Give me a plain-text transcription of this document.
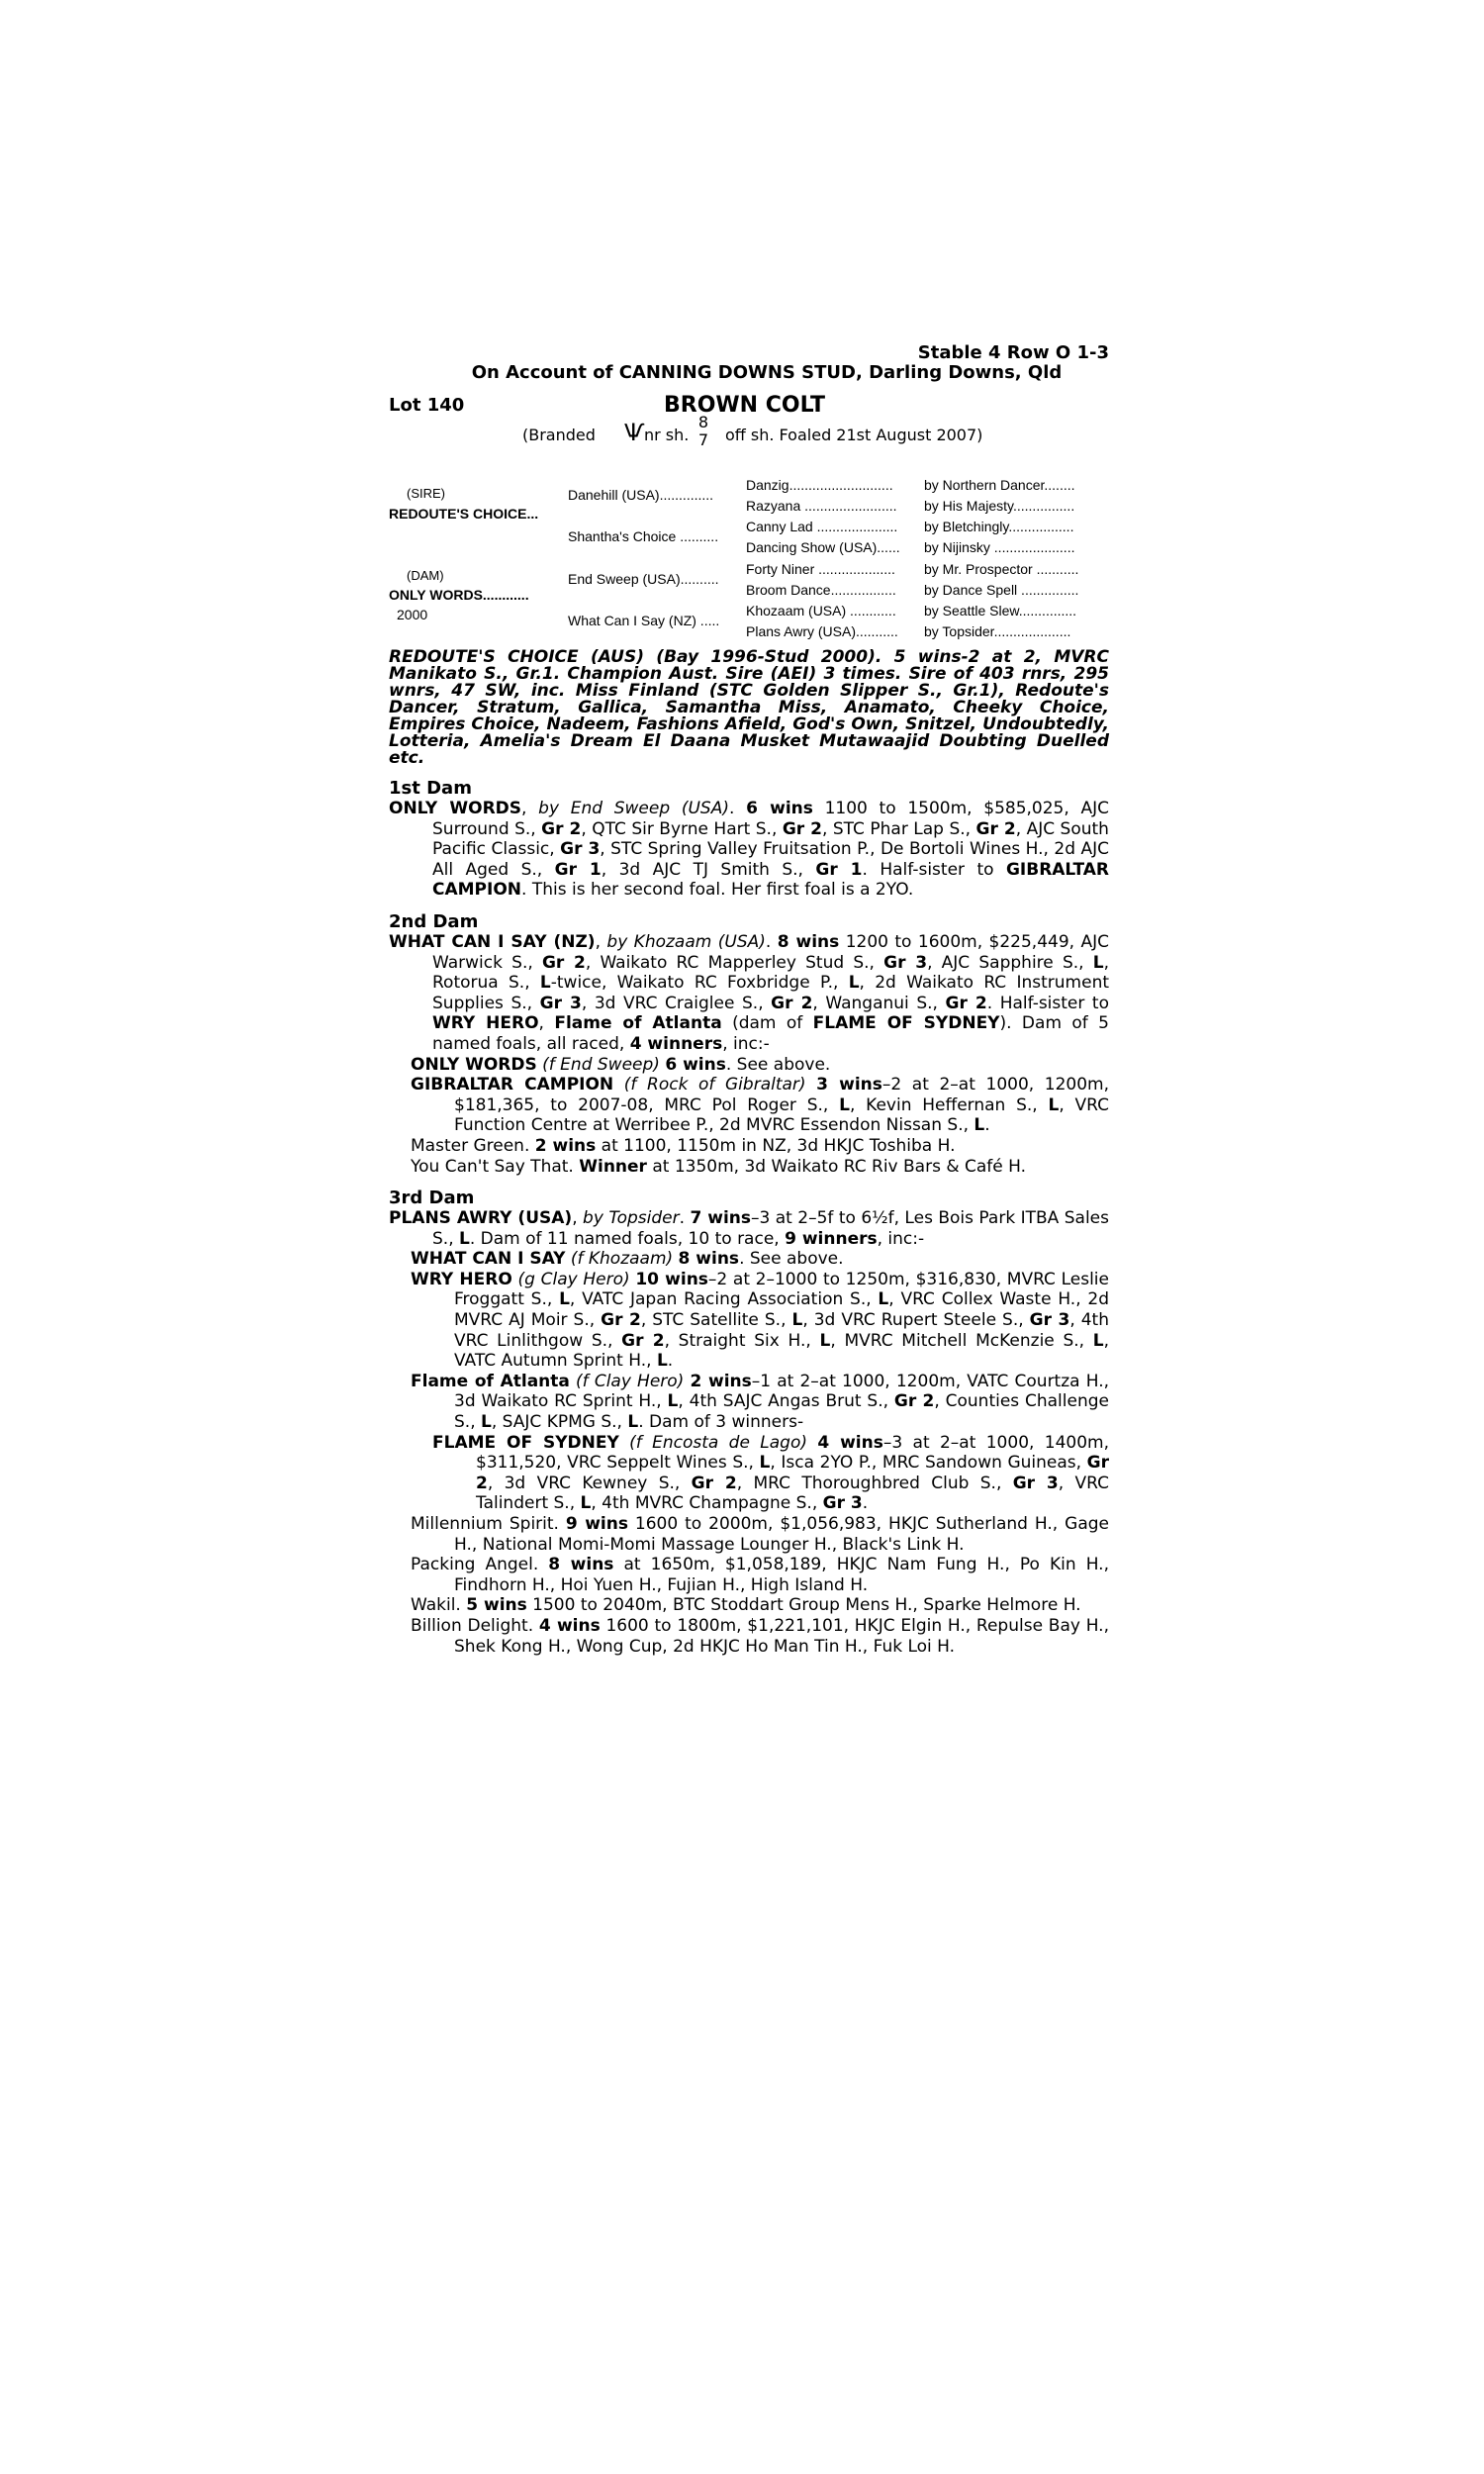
Stable 4 Row O 1-3
On Account of CANNING DOWNS STUD, Darling Downs, Qld
Lot 140	BROWN COLT
(Branded Ѱ nr sh.
8
7 off sh. Foaled 21st August 2007)
(SIRE)
REDOUTE'S CHOICE...
(DAM)
ONLY WORDS............
2000
Danehill (USA)..............
Shantha's Choice ..........
End Sweep (USA)..........
What Can I Say (NZ) .....
Danzig...........................
Razyana ........................
Canny Lad .....................
Dancing Show (USA)......
Forty Niner ....................
Broom Dance.................
Khozaam (USA) ............
Plans Awry (USA)...........
by Northern Dancer........
by His Majesty................
by Bletchingly.................
by Nijinsky .....................
by Mr. Prospector ...........
by Dance Spell ...............
by Seattle Slew...............
by Topsider....................
REDOUTE'S CHOICE (AUS) (Bay 1996-Stud 2000). 5 wins-2 at 2, MVRC Manikato S., Gr.1. Champion Aust. Sire (AEI) 3 times. Sire of 403 rnrs, 295 wnrs, 47 SW, inc. Miss Finland (STC Golden Slipper S., Gr.1), Redoute's Dancer, Stratum, Gallica, Samantha Miss, Anamato, Cheeky Choice, Empires Choice, Nadeem, Fashions Afield, God's Own, Snitzel, Undoubtedly, Lotteria, Amelia's Dream El Daana Musket Mutawaajid Doubting Duelled etc.
1st Dam
ONLY WORDS, by End Sweep (USA). 6 wins 1100 to 1500m, $585,025, AJC Surround S., Gr 2, QTC Sir Byrne Hart S., Gr 2, STC Phar Lap S., Gr 2, AJC South Pacific Classic, Gr 3, STC Spring Valley Fruitsation P., De Bortoli Wines H., 2d AJC All Aged S., Gr 1, 3d AJC TJ Smith S., Gr 1. Half-sister to GIBRALTAR CAMPION. This is her second foal. Her first foal is a 2YO.
2nd Dam
WHAT CAN I SAY (NZ), by Khozaam (USA). 8 wins 1200 to 1600m, $225,449, AJC Warwick S., Gr 2, Waikato RC Mapperley Stud S., Gr 3, AJC Sapphire S., L, Rotorua S., L-twice, Waikato RC Foxbridge P., L, 2d Waikato RC Instrument Supplies S., Gr 3, 3d VRC Craiglee S., Gr 2, Wanganui S., Gr 2. Half-sister to WRY HERO, Flame of Atlanta (dam of FLAME OF SYDNEY). Dam of 5 named foals, all raced, 4 winners, inc:-
ONLY WORDS (f End Sweep) 6 wins. See above.
GIBRALTAR CAMPION (f Rock of Gibraltar) 3 wins–2 at 2–at 1000, 1200m, $181,365, to 2007-08, MRC Pol Roger S., L, Kevin Heffernan S., L, VRC Function Centre at Werribee P., 2d MVRC Essendon Nissan S., L.
Master Green. 2 wins at 1100, 1150m in NZ, 3d HKJC Toshiba H.
You Can't Say That. Winner at 1350m, 3d Waikato RC Riv Bars & Café H.
3rd Dam
PLANS AWRY (USA), by Topsider. 7 wins–3 at 2–5f to 6½f, Les Bois Park ITBA Sales S., L. Dam of 11 named foals, 10 to race, 9 winners, inc:-
WHAT CAN I SAY (f Khozaam) 8 wins. See above.
WRY HERO (g Clay Hero) 10 wins–2 at 2–1000 to 1250m, $316,830, MVRC Leslie Froggatt S., L, VATC Japan Racing Association S., L, VRC Collex Waste H., 2d MVRC AJ Moir S., Gr 2, STC Satellite S., L, 3d VRC Rupert Steele S., Gr 3, 4th VRC Linlithgow S., Gr 2, Straight Six H., L, MVRC Mitchell McKenzie S., L, VATC Autumn Sprint H., L.
Flame of Atlanta (f Clay Hero) 2 wins–1 at 2–at 1000, 1200m, VATC Courtza H., 3d Waikato RC Sprint H., L, 4th SAJC Angas Brut S., Gr 2, Counties Challenge S., L, SAJC KPMG S., L. Dam of 3 winners-
FLAME OF SYDNEY (f Encosta de Lago) 4 wins–3 at 2–at 1000, 1400m, $311,520, VRC Seppelt Wines S., L, Isca 2YO P., MRC Sandown Guineas, Gr 2, 3d VRC Kewney S., Gr 2, MRC Thoroughbred Club S., Gr 3, VRC Talindert S., L, 4th MVRC Champagne S., Gr 3.
Millennium Spirit. 9 wins 1600 to 2000m, $1,056,983, HKJC Sutherland H., Gage H., National Momi-Momi Massage Lounger H., Black's Link H.
Packing Angel. 8 wins at 1650m, $1,058,189, HKJC Nam Fung H., Po Kin H., Findhorn H., Hoi Yuen H., Fujian H., High Island H.
Wakil. 5 wins 1500 to 2040m, BTC Stoddart Group Mens H., Sparke Helmore H.
Billion Delight. 4 wins 1600 to 1800m, $1,221,101, HKJC Elgin H., Repulse Bay H., Shek Kong H., Wong Cup, 2d HKJC Ho Man Tin H., Fuk Loi H.
